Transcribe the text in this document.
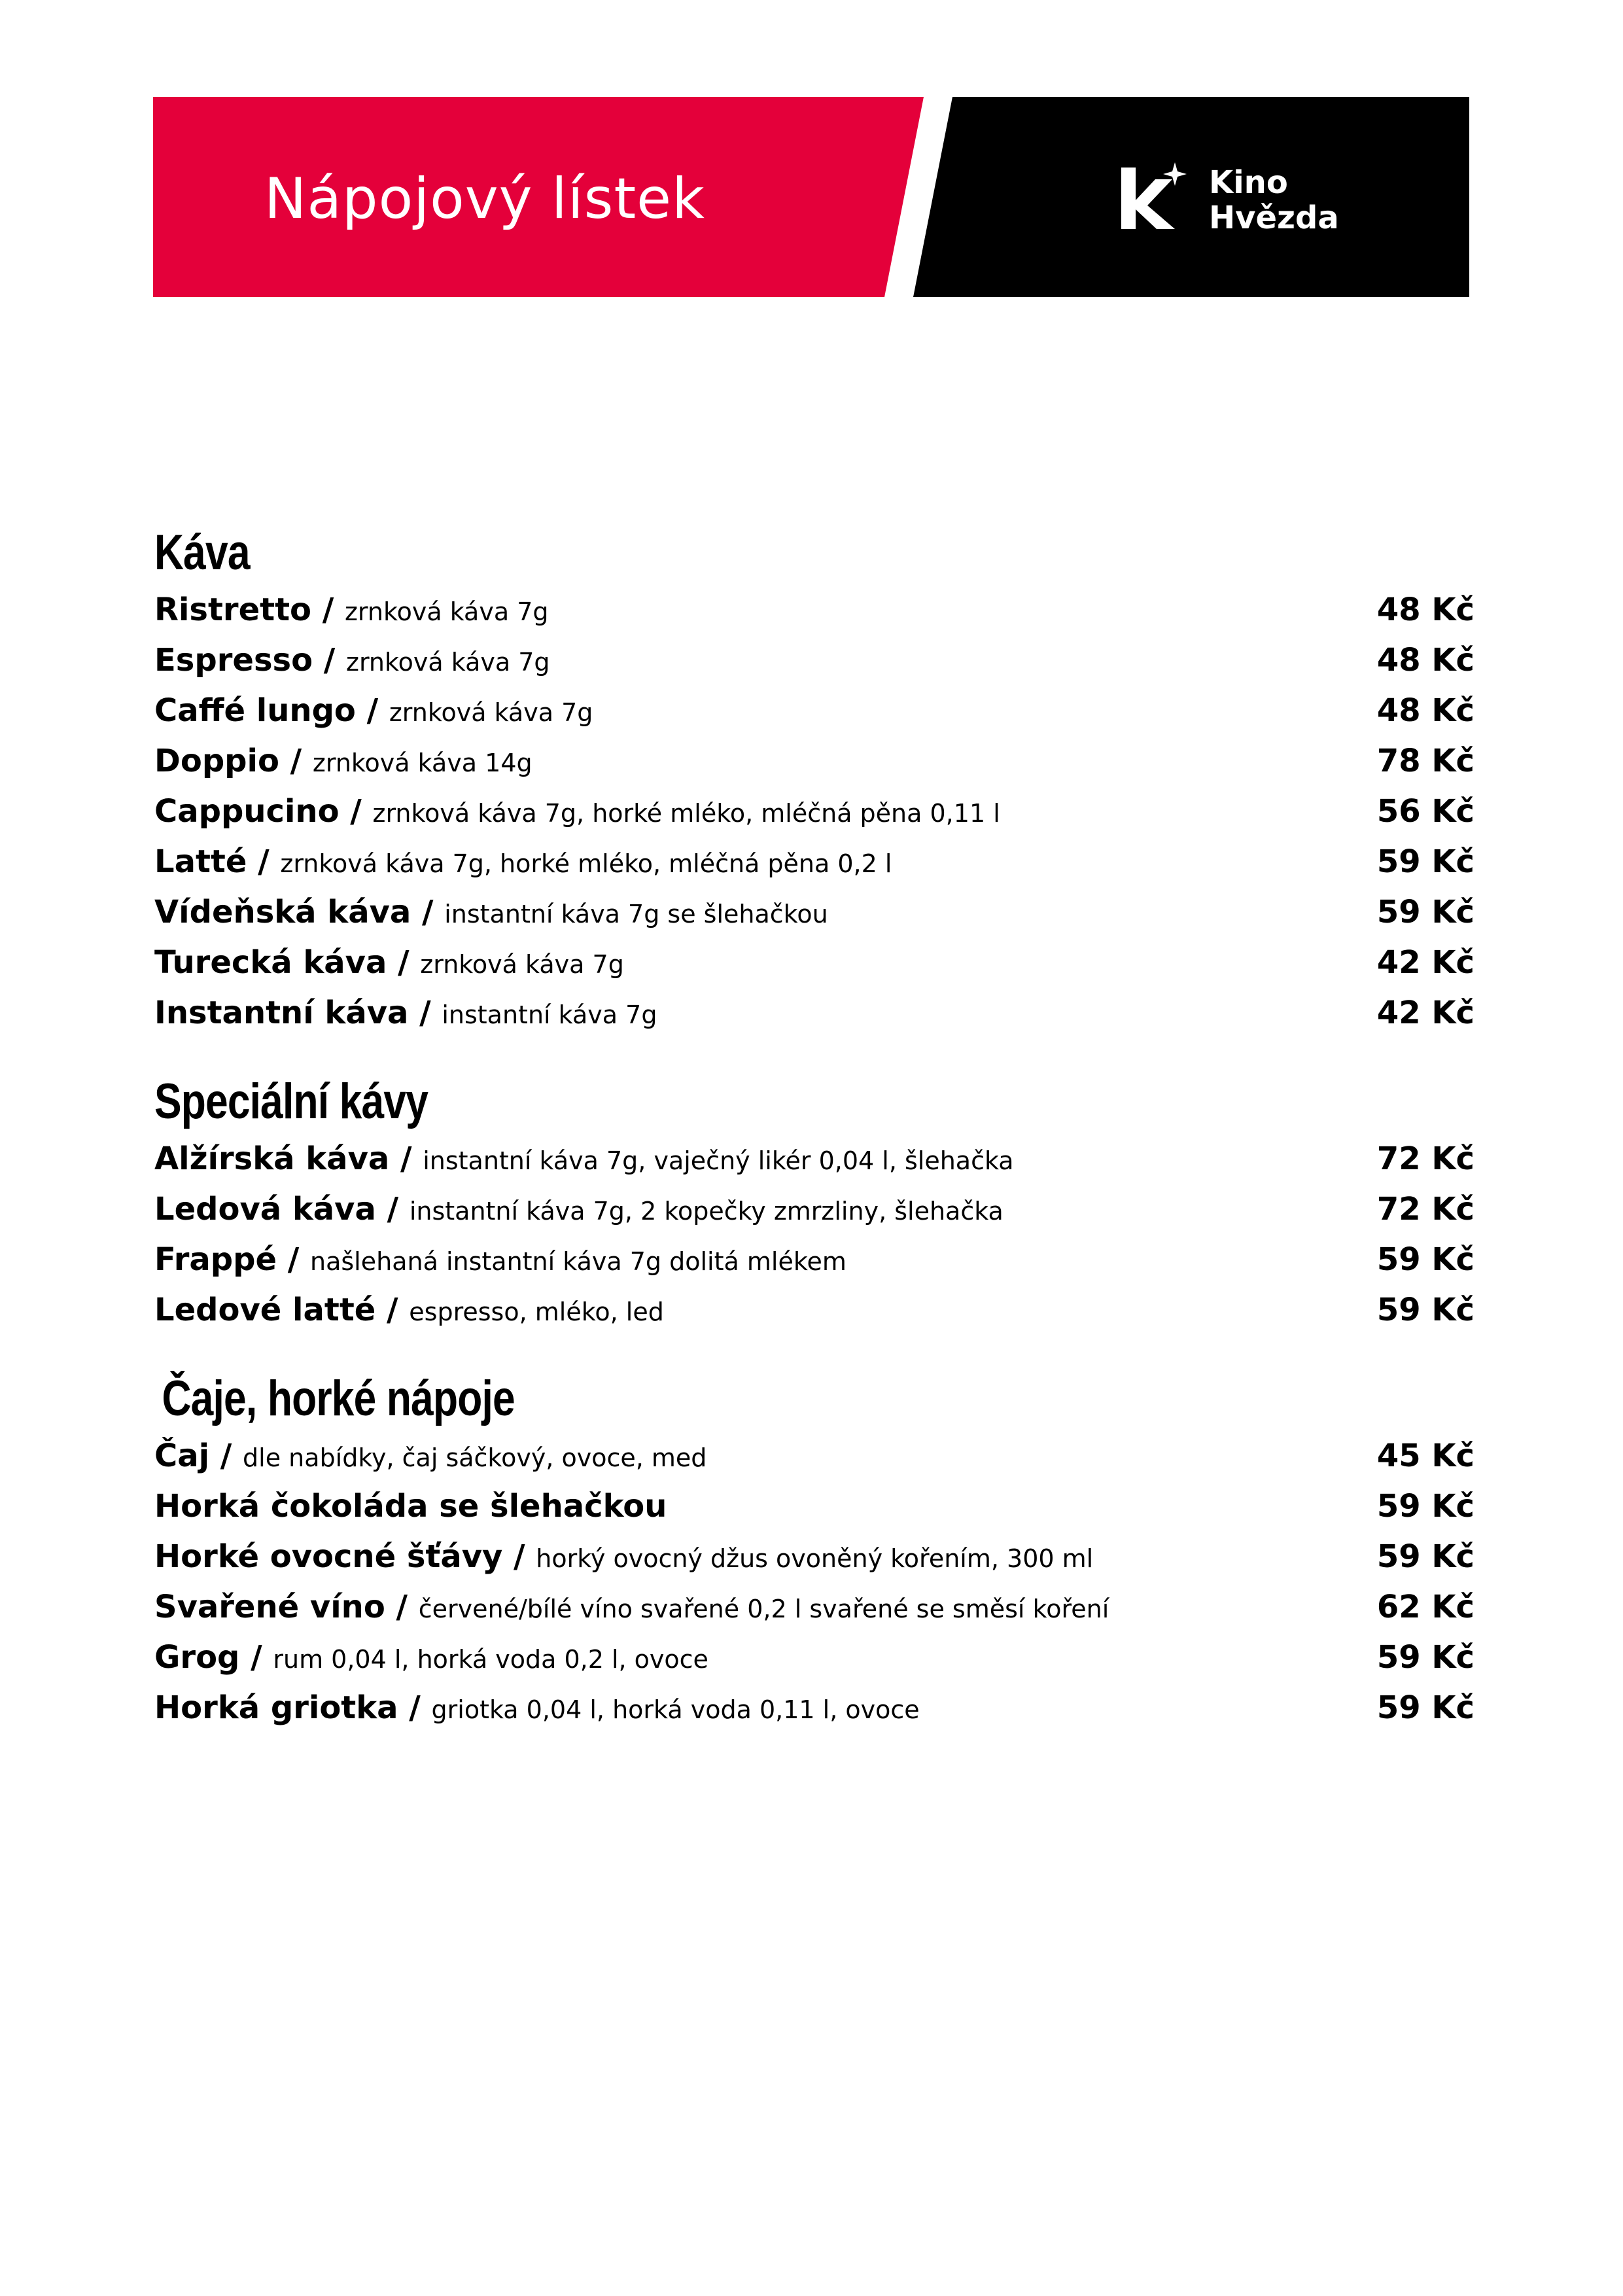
Nápojový lístek	Kino
Hvězda
Káva
Ristretto / zrnková káva 7g	48 Kč
Espresso / zrnková káva 7g	48 Kč
Caffé lungo / zrnková káva 7g	48 Kč
Doppio / zrnková káva 14g	78 Kč
Cappucino / zrnková káva 7g, horké mléko, mléčná pěna 0,11 l	56 Kč
Latté / zrnková káva 7g, horké mléko, mléčná pěna 0,2 l	59 Kč
Vídeňská káva / instantní káva 7g se šlehačkou	59 Kč
Turecká káva / zrnková káva 7g	42 Kč
Instantní káva / instantní káva 7g	42 Kč
Speciální kávy
Alžírská káva / instantní káva 7g, vaječný likér 0,04 l, šlehačka	72 Kč
Ledová káva / instantní káva 7g, 2 kopečky zmrzliny, šlehačka	72 Kč
Frappé / našlehaná instantní káva 7g dolitá mlékem	59 Kč
Ledové latté / espresso, mléko, led	59 Kč
Čaje, horké nápoje
Čaj / dle nabídky, čaj sáčkový, ovoce, med	45 Kč
Horká čokoláda se šlehačkou	59 Kč
Horké ovocné šťávy / horký ovocný džus ovoněný kořením, 300 ml	59 Kč
Svařené víno / červené/bílé víno svařené 0,2 l svařené se směsí koření	62 Kč
Grog / rum 0,04 l, horká voda 0,2 l, ovoce	59 Kč
Horká griotka / griotka 0,04 l, horká voda 0,11 l, ovoce	59 Kč
